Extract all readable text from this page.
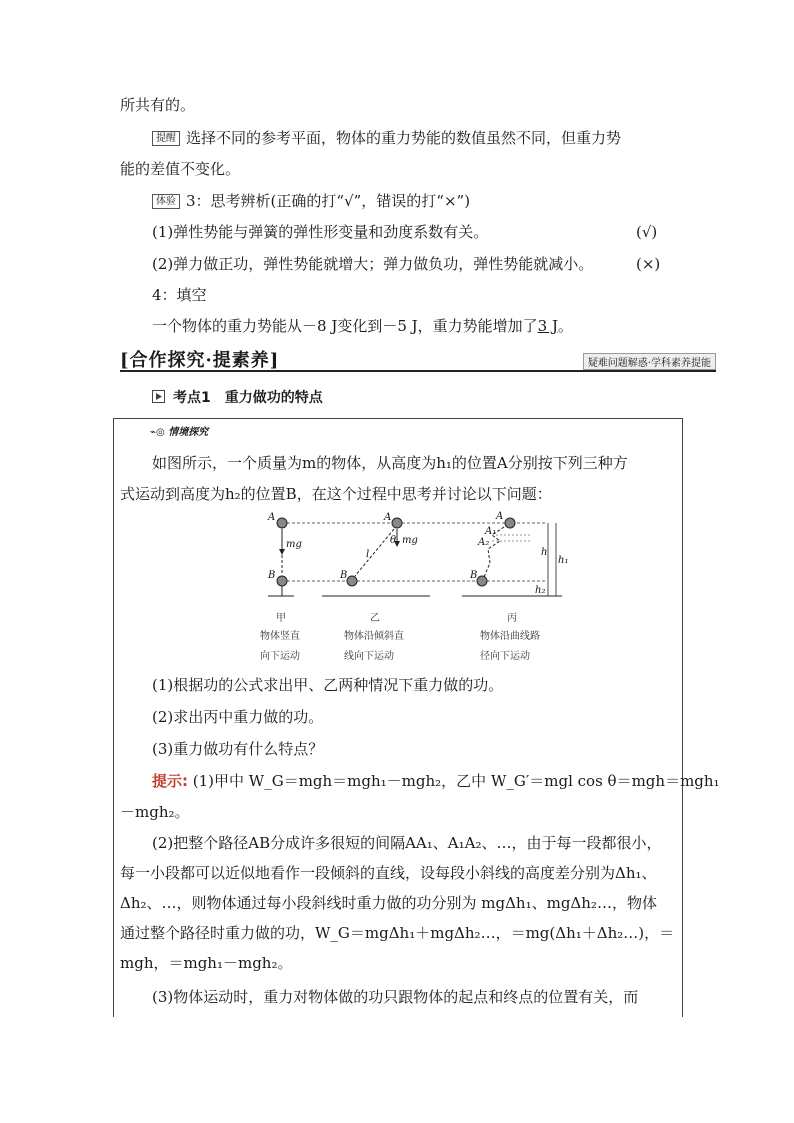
所共有的。
提醒 选择不同的参考平面，物体的重力势能的数值虽然不同，但重力势
能的差值不变化。
体验 3：思考辨析(正确的打“√”，错误的打“×”)
(1)弹性势能与弹簧的弹性形变量和劲度系数有关。	(√)
(2)弹力做正功，弹性势能就增大；弹力做负功，弹性势能就减小。	(×)
4：填空
一个物体的重力势能从－8 J变化到－5 J，重力势能增加了3 J。
[合作探究·提素养]	疑难问题解惑·学科素养提能
考点1　重力做功的特点
⌁◎ 情境探究
如图所示，一个质量为m的物体，从高度为h₁的位置A分别按下列三种方
式运动到高度为h₂的位置B，在这个过程中思考并讨论以下问题：
A
mg
B
甲
物体竖直
向下运动
A
θ mg
l
B
乙
物体沿倾斜直
线向下运动
A
A₁
A₂
B
h
h₁
h₂
丙
物体沿曲线路
径向下运动
(1)根据功的公式求出甲、乙两种情况下重力做的功。
(2)求出丙中重力做的功。
(3)重力做功有什么特点？
提示: (1)甲中 W_G＝mgh＝mgh₁－mgh₂，乙中 W_G′＝mgl cos θ＝mgh＝mgh₁
－mgh₂。
(2)把整个路径AB分成许多很短的间隔AA₁、A₁A₂、…，由于每一段都很小，
每一小段都可以近似地看作一段倾斜的直线，设每段小斜线的高度差分别为Δh₁、
Δh₂、…，则物体通过每小段斜线时重力做的功分别为 mgΔh₁、mgΔh₂…，物体
通过整个路径时重力做的功，W_G＝mgΔh₁＋mgΔh₂…，＝mg(Δh₁＋Δh₂…)，＝
mgh，＝mgh₁－mgh₂。
(3)物体运动时，重力对物体做的功只跟物体的起点和终点的位置有关，而
